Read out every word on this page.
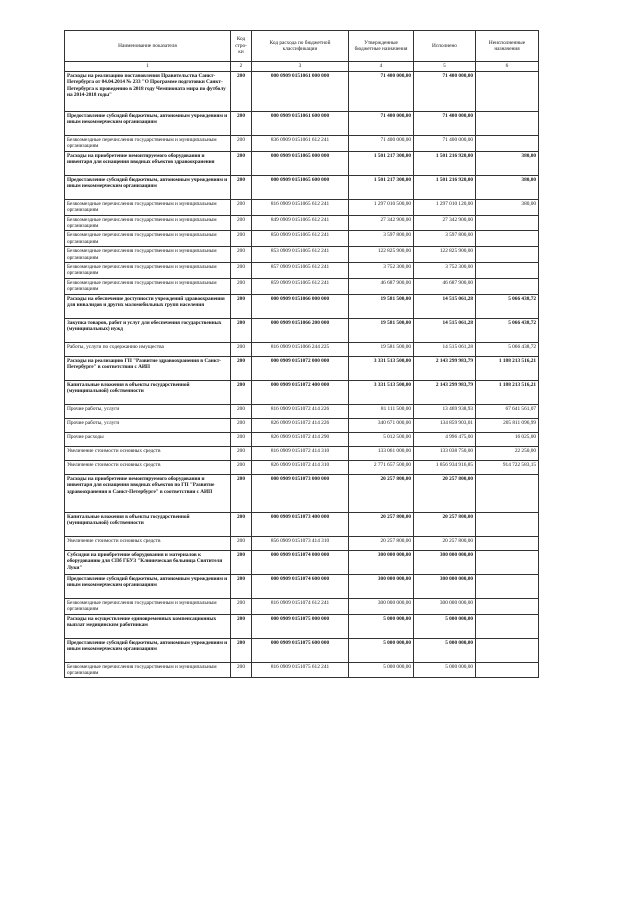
Наименование показателя	Код стро-ки	Код расхода по бюджетной классификации	Утвержденные бюджетные назначения	Исполнено	Неисполненные назначения
1	2	3	4	5	6
Расходы на реализацию постановления Правительства Санкт-Петербурга от 04.04.2014 № 233 "О Программе подготовки Санкт-Петербурга к проведению в 2018 году Чемпионата мира по футболу на 2014-2018 годы"	200	000 0909 0151061 000 000	71 400 000,00	71 400 000,00	
Предоставление субсидий бюджетным, автономным учреждениям и иным некоммерческим организациям	200	000 0909 0151061 600 000	71 400 000,00	71 400 000,00	
Безвозмездные перечисления государственным и муниципальным организациям	200	836 0909 0151061 612 241	71 400 000,00	71 400 000,00	
Расходы на приобретение немонтируемого оборудования и инвентаря для оснащения вводных объектов здравоохранения	200	000 0909 0151065 000 000	1 501 217 300,00	1 501 216 920,00	380,00
Предоставление субсидий бюджетным, автономным учреждениям и иным некоммерческим организациям	200	000 0909 0151065 600 000	1 501 217 300,00	1 501 216 920,00	380,00
Безвозмездные перечисления государственным и муниципальным организациям	200	816 0909 0151065 612 241	1 297 010 500,00	1 297 010 120,00	380,00
Безвозмездные перечисления государственным и муниципальным организациям	200	849 0909 0151065 612 241	27 342 900,00	27 342 900,00	
Безвозмездные перечисления государственным и муниципальным организациям	200	850 0909 0151065 612 241	3 597 800,00	3 597 800,00	
Безвозмездные перечисления государственным и муниципальным организациям	200	853 0909 0151065 612 241	122 825 900,00	122 825 900,00	
Безвозмездные перечисления государственным и муниципальным организациям	200	857 0909 0151065 612 241	3 752 300,00	3 752 300,00	
Безвозмездные перечисления государственным и муниципальным организациям	200	859 0909 0151065 612 241	46 687 900,00	46 687 900,00	
Расходы на обеспечение доступности учреждений здравоохранения для инвалидов и других маломобильных групп населения	200	000 0909 0151066 000 000	19 581 500,00	14 515 061,28	5 066 438,72
Закупка товаров, работ и услуг для обеспечения государственных (муниципальных) нужд	200	000 0909 0151066 200 000	19 581 500,00	14 515 061,28	5 066 438,72
Работы, услуги по содержанию имущества	200	816 0909 0151066 244 225	19 581 500,00	14 515 061,28	5 066 438,72
Расходы на реализацию ГП "Развитие здравоохранения в Санкт-Петербурге" в соответствии с АИП	200	000 0909 0151072 000 000	3 331 513 500,00	2 143 299 983,79	1 188 213 516,21
Капитальные вложения в объекты государственной (муниципальной) собственности	200	000 0909 0151072 400 000	3 331 513 500,00	2 143 299 983,79	1 188 213 516,21
Прочие работы, услуги	200	816 0909 0151072 414 226	81 111 500,00	13 469 938,93	67 641 561,07
Прочие работы, услуги	200	826 0909 0151072 414 226	340 671 000,00	134 859 903,01	205 811 096,99
Прочие расходы	200	826 0909 0151072 414 290	5 012 500,00	4 996 475,00	16 025,00
Увеличение стоимости основных средств	200	816 0909 0151072 414 310	133 061 000,00	133 038 750,00	22 250,00
Увеличение стоимости основных средств	200	826 0909 0151072 414 310	2 771 657 500,00	1 856 934 916,85	914 722 583,15
Расходы на приобретение немонтируемого оборудования и инвентаря для оснащения вводных объектов по ГП "Развитие здравоохранения в Санкт-Петербурге" в соответствии с АИП	200	000 0909 0151073 000 000	20 257 800,00	20 257 800,00	
Капитальные вложения в объекты государственной (муниципальной) собственности	200	000 0909 0151073 400 000	20 257 800,00	20 257 800,00	
Увеличение стоимости основных средств	200	856 0909 0151073 414 310	20 257 800,00	20 257 800,00	
Субсидия на приобретение оборудования и материалов к оборудованию для СПб ГБУЗ "Клиническая больница Святителя Луки"	200	000 0909 0151074 000 000	300 000 000,00	300 000 000,00	
Предоставление субсидий бюджетным, автономным учреждениям и иным некоммерческим организациям	200	000 0909 0151074 600 000	300 000 000,00	300 000 000,00	
Безвозмездные перечисления государственным и муниципальным организациям	200	816 0909 0151074 612 241	300 000 000,00	300 000 000,00	
Расходы на осуществление единовременных компенсационных выплат медицинским работникам	200	000 0909 0151075 000 000	5 000 000,00	5 000 000,00	
Предоставление субсидий бюджетным, автономным учреждениям и иным некоммерческим организациям	200	000 0909 0151075 600 000	5 000 000,00	5 000 000,00	
Безвозмездные перечисления государственным и муниципальным организациям	200	816 0909 0151075 612 241	5 000 000,00	5 000 000,00	
